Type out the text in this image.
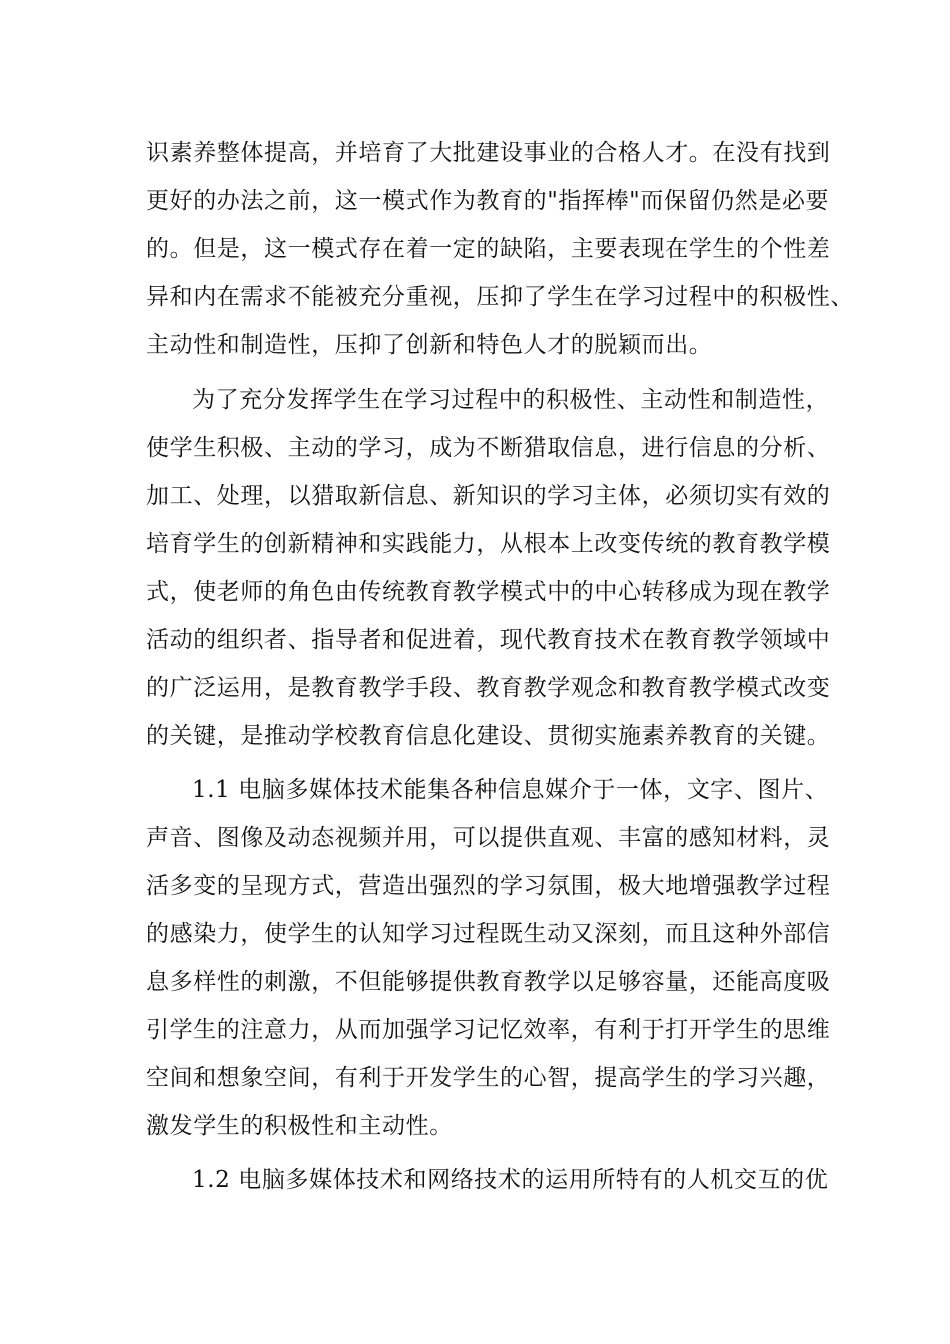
识素养整体提高，并培育了大批建设事业的合格人才。在没有找到
更好的办法之前，这一模式作为教育的"指挥棒"而保留仍然是必要
的。但是，这一模式存在着一定的缺陷，主要表现在学生的个性差
异和内在需求不能被充分重视，压抑了学生在学习过程中的积极性、
主动性和制造性，压抑了创新和特色人才的脱颖而出。
为了充分发挥学生在学习过程中的积极性、主动性和制造性，
使学生积极、主动的学习，成为不断猎取信息，进行信息的分析、
加工、处理，以猎取新信息、新知识的学习主体，必须切实有效的
培育学生的创新精神和实践能力，从根本上改变传统的教育教学模
式，使老师的角色由传统教育教学模式中的中心转移成为现在教学
活动的组织者、指导者和促进着，现代教育技术在教育教学领域中
的广泛运用，是教育教学手段、教育教学观念和教育教学模式改变
的关键，是推动学校教育信息化建设、贯彻实施素养教育的关键。
1.1 电脑多媒体技术能集各种信息媒介于一体，文字、图片、
声音、图像及动态视频并用，可以提供直观、丰富的感知材料，灵
活多变的呈现方式，营造出强烈的学习氛围，极大地增强教学过程
的感染力，使学生的认知学习过程既生动又深刻，而且这种外部信
息多样性的刺激，不但能够提供教育教学以足够容量，还能高度吸
引学生的注意力，从而加强学习记忆效率，有利于打开学生的思维
空间和想象空间，有利于开发学生的心智，提高学生的学习兴趣，
激发学生的积极性和主动性。
1.2 电脑多媒体技术和网络技术的运用所特有的人机交互的优
